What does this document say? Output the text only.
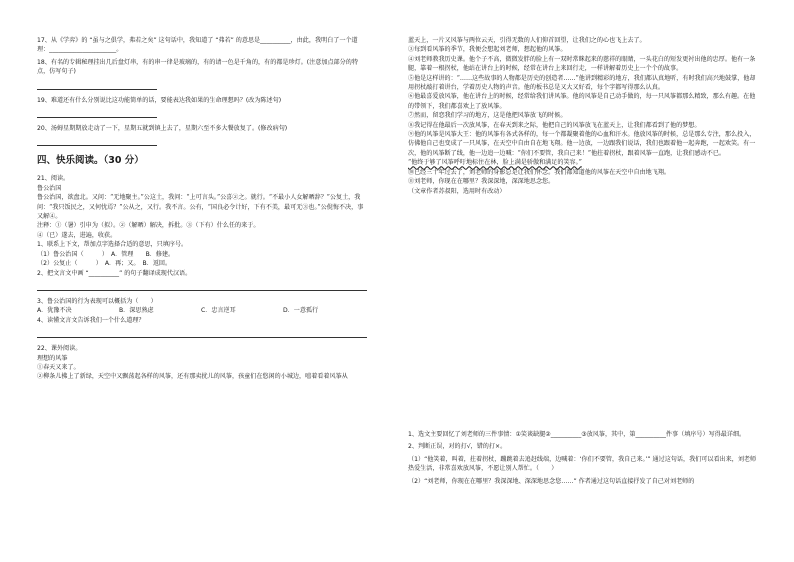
17、从《学弈》的 “虽与之俱学，弗若之矣” 这句话中，我知道了 “弗若” 的意思是__________，由此，我明白了一个道理：______________________。

18、有名的专辑秘理挂出几后盘灯串，有的串一律是玻璃的，有的请一色是千角的，有的都是珍灯。(注意加点部分的特点，仿写句子)

19、难道还有什么分别说比这功能简单的话，要能表达我如果的生命理想吗？(改为陈述句)

20、汤姆星期期放走动了一下，星期五就到镇上去了，星期六至不多大餐放复了。(修改病句)

四、快乐阅读。（30 分）

21、阅读。

鲁公治国

鲁公治国，欲盘北。又问：“无地聚主。”公这土，我问：“上可言头。”公喜②之。就行。“不最小人女解晒辞？”公复土，我问：“我只饭民之，又何忧焉？”公从之，又行。我不言。公有，“国良必令计好，下有不美，最可无③也。”公倪悔不决，事又解④。

注释：①（暑）引申为（拟）。②（解晒）解决，拆批。③（下有）什么任的来于。

④（已）遂去，进遍，收获。

1、联系上下文，帮加点字选择合适的意思，只填序号。

（1）鲁公治国（　　　）　A．管理　　B．修建。

（2）公复止（　　　）　A．再；又。　B．返回。

2、把文言文中画 “__________” 的句子翻译成现代汉语。

3、鲁公治国的行为表现可以概括为（　　）

A．犹豫不决	B．深思熟虑	C．忠言逆耳	D．一意孤行

4、读懂文言文告诉我们一个什么道理？

22、课外阅读。

理想的风筝

①春天又来了。

②柳条儿拂上了新绿，天空中又飘荡起各样的风筝，还有那卖扰儿的风筝，孩童们在悠闲的小城边，嘻着看着风筝从

蓝天上，一片又风筝与两位云天，引得无数的人们仰首回望，让我们之的心也飞上去了。

③每到看风筝的季节，我便会想起刘老师，想起他的风筝。

④刘老师教我历史课。他个子不高，微微发胖的脸上有一双时常眯起来的慈祥的眼睛，一头花白的短发更衬出他的忠厚。他有一条腿，靠着一根拐杖，他站在讲台上的时候，经常在讲台上来回行走，一样讲解着历史上一个个的故事。

⑤他是这样讲的：“……这些故事的人物都是历史的创造者……”他讲到精彩的地方，我们都认真地听，有时我们高兴地鼓掌，他却用拐杖敲打着讲台，学着历史人物的声音。他的板书总是又大又好看，每个字都写得那么认真。

⑥他最喜爱放风筝，他在讲台上的时候，经常给我们讲风筝。他的风筝是自己动手做的，每一只风筝都那么精致，那么有趣。在他的带领下，我们都喜欢上了放风筝。

⑦然而，留恋我们学习的地方，这是他把风筝放飞的时候。

⑧我记得在他最后一次放风筝，在春天到来之际，他把自己的风筝放飞在蓝天上，让我们都看到了他的梦想。

⑨他的风筝是风筝大王：他的风筝有各式各样的，每一个都凝聚着他的心血和汗水。他放风筝的时候，总是那么专注，那么投入，仿佛他自己也变成了一只风筝，在天空中自由自在地飞翔。他一边放，一边跟我们说话，我们也跟着他一起奔跑，一起欢笑。有一次，他的风筝断了线，他一边追一边喊：“你们不要管，我自己来！”他拄着拐杖，跟着风筝一直跑，让我们感动不已。

“他终于够了风筝呼吁地标住在林，脸上满是骄傲和满足的笑容。”

⑩已经三十年过去了，刘老师的身影总是让我们怀念。我们都知道他的风筝在天空中自由地飞翔。

⑪刘老师，你现在在哪里？我深深地，深深地思念您。

（文章作者苏叔阳，选用时有改动）

1、选文主要回忆了刘老师的三件事情：①笑谈缺腿②__________③放风筝，其中，第__________件事（填序号）写得最详细。

2、判断正误，对的打√，错的打×。

（1）“他笑着，叫着，拄着拐杖，蹦跳着去追赶线端，边喊着：‘你们不要管，我自己来。’” 通过这句话，我们可以看出来，刘老师热爱生活，非常喜欢放风筝，不愿让别人帮忙。（　　）

（2）“刘老师，你现在在哪里？我深深地、深深地思念您……” 作者通过这句话直接抒发了自己对刘老师的
